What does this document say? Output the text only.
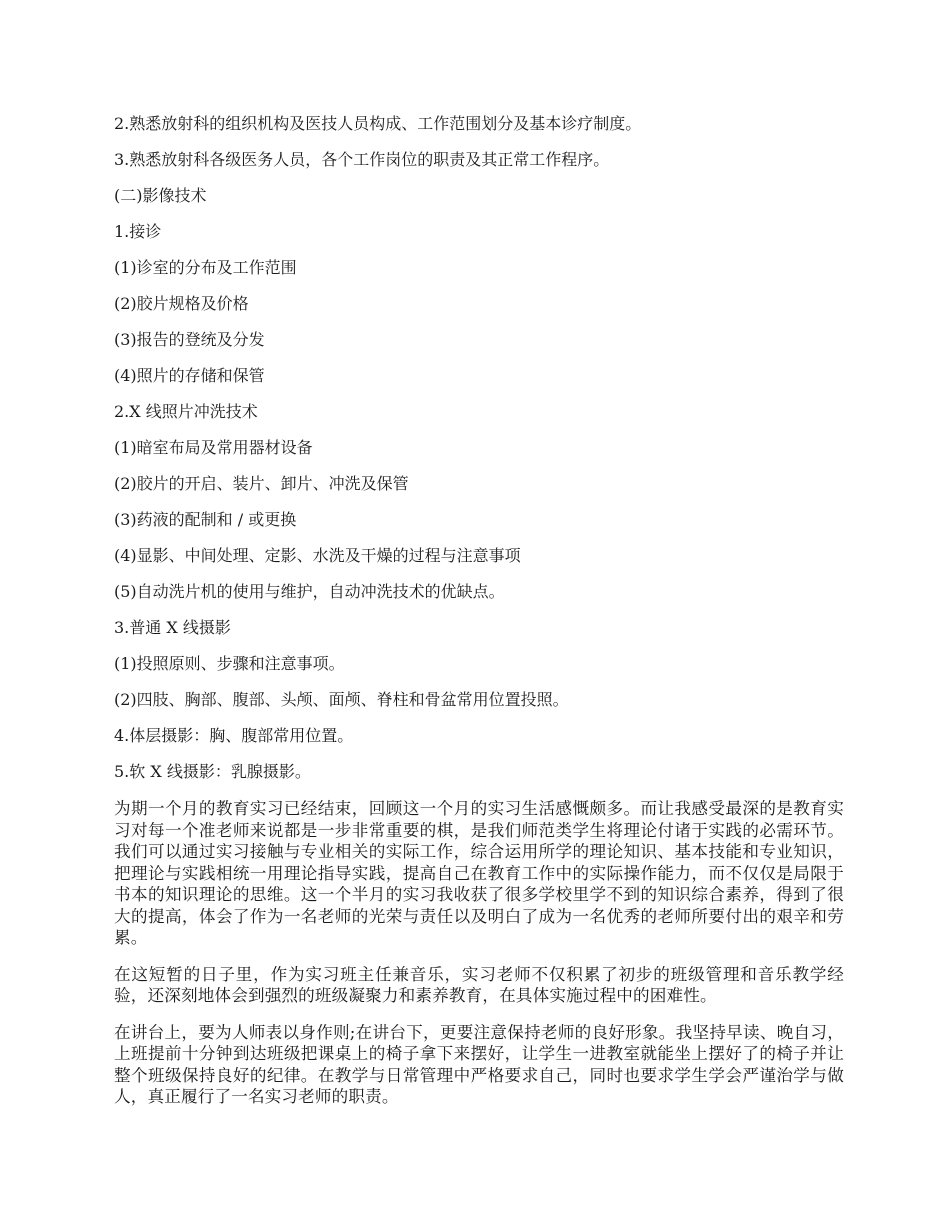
2.熟悉放射科的组织机构及医技人员构成、工作范围划分及基本诊疗制度。
3.熟悉放射科各级医务人员，各个工作岗位的职责及其正常工作程序。
(二)影像技术
1.接诊
(1)诊室的分布及工作范围
(2)胶片规格及价格
(3)报告的登统及分发
(4)照片的存储和保管
2.X 线照片冲洗技术
(1)暗室布局及常用器材设备
(2)胶片的开启、装片、卸片、冲洗及保管
(3)药液的配制和 / 或更换
(4)显影、中间处理、定影、水洗及干燥的过程与注意事项
(5)自动洗片机的使用与维护，自动冲洗技术的优缺点。
3.普通 X 线摄影
(1)投照原则、步骤和注意事项。
(2)四肢、胸部、腹部、头颅、面颅、脊柱和骨盆常用位置投照。
4.体层摄影：胸、腹部常用位置。
5.软 X 线摄影：乳腺摄影。

为期一个月的教育实习已经结束，回顾这一个月的实习生活感慨颇多。而让我感受最深的是教育实习对每一个准老师来说都是一步非常重要的棋，是我们师范类学生将理论付诸于实践的必需环节。我们可以通过实习接触与专业相关的实际工作，综合运用所学的理论知识、基本技能和专业知识，把理论与实践相统一用理论指导实践，提高自己在教育工作中的实际操作能力，而不仅仅是局限于书本的知识理论的思维。这一个半月的实习我收获了很多学校里学不到的知识综合素养，得到了很大的提高，体会了作为一名老师的光荣与责任以及明白了成为一名优秀的老师所要付出的艰辛和劳累。

在这短暂的日子里，作为实习班主任兼音乐，实习老师不仅积累了初步的班级管理和音乐教学经验，还深刻地体会到强烈的班级凝聚力和素养教育，在具体实施过程中的困难性。

在讲台上，要为人师表以身作则;在讲台下，更要注意保持老师的良好形象。我坚持早读、晚自习，上班提前十分钟到达班级把课桌上的椅子拿下来摆好，让学生一进教室就能坐上摆好了的椅子并让整个班级保持良好的纪律。在教学与日常管理中严格要求自己，同时也要求学生学会严谨治学与做人，真正履行了一名实习老师的职责。
